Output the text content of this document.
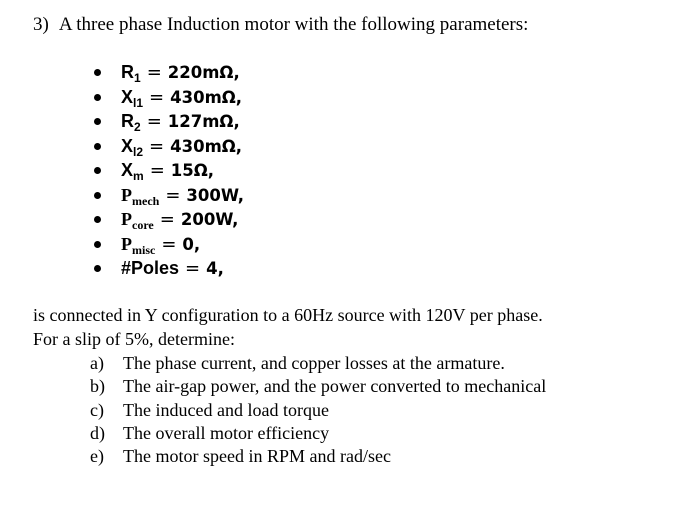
3) A three phase Induction motor with the following parameters:
$R_1 = 220m\Omega$,
$X_{l1} = 430m\Omega$,
$R_2 = 127m\Omega$,
$X_{l2} = 430m\Omega$,
$X_m = 15\Omega$,
$P_{mech} = 300W$,
$P_{core} = 200W$,
$P_{misc} = 0$,
#Poles = 4,
is connected in Y configuration to a 60Hz source with 120V per phase.
For a slip of 5%, determine:
a) The phase current, and copper losses at the armature.
b) The air-gap power, and the power converted to mechanical
c) The induced and load torque
d) The overall motor efficiency
e) The motor speed in RPM and rad/sec
